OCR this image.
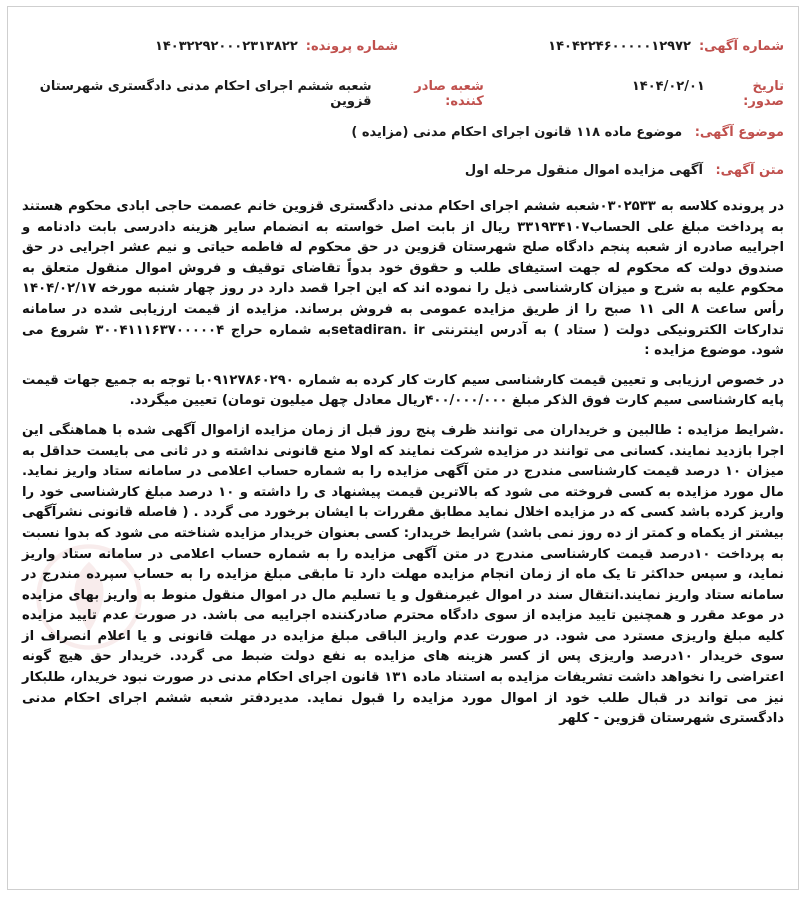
شماره آگهی:
۱۴۰۴۲۲۴۶۰۰۰۰۰۱۲۹۷۲
شماره پرونده:
۱۴۰۳۲۲۹۲۰۰۰۲۳۱۳۸۲۲
تاریخ صدور:
۱۴۰۴/۰۲/۰۱
شعبه صادر کننده:
شعبه ششم اجرای احکام مدنی دادگستری شهرستان قزوین
موضوع آگهی: موضوع ماده ۱۱۸ قانون اجرای احکام مدنی (مزایده )
متن آگهی: آگهی مزایده اموال منقول مرحله اول

در پرونده کلاسه به ۰۳۰۲۵۳۳شعبه ششم اجرای احکام مدنی دادگستری قزوین خانم عصمت حاجی ابادی محکوم هستند به پرداخت مبلغ علی الحساب۳۳۱۹۳۴۱۰۷ ریال از بابت اصل خواسته به انضمام سایر هزینه دادرسی بابت دادنامه و اجراییه صادره از شعبه پنجم دادگاه صلح شهرستان قزوین در حق محکوم له فاطمه حیاتی و نیم عشر اجرایی در حق صندوق دولت که محکوم له جهت استیفای طلب و حقوق خود بدواً تقاضای توقیف و فروش اموال منقول متعلق به محکوم علیه به شرح و میزان کارشناسی ذیل را نموده اند که این اجرا قصد دارد در روز چهار شنبه مورخه ۱۴۰۴/۰۲/۱۷ رأس ساعت ۸ الی ۱۱ صبح را از طریق مزایده عمومی به فروش برساند. مزایده از قیمت ارزیابی شده در سامانه تدارکات الکترونیکی دولت ( ستاد ) به آدرس اینترنتی setadiran. irبه شماره حراج ۳۰۰۴۱۱۱۶۳۷۰۰۰۰۰۴ شروع می شود. موضوع مزایده :

در خصوص ارزیابی و تعیین قیمت کارشناسی سیم کارت کار کرده به شماره ۰۹۱۲۷۸۶۰۲۹۰با توجه به جمیع جهات قیمت پایه کارشناسی سیم کارت فوق الذکر مبلغ ۴۰۰/۰۰۰/۰۰۰ریال معادل چهل میلیون تومان) تعیین میگردد.

.شرایط مزایده : طالبین و خریداران می توانند ظرف پنج روز قبل از زمان مزایده ازاموال آگهی شده با هماهنگی این اجرا بازدید نمایند. کسانی می توانند در مزایده شرکت نمایند که اولا منع قانونی نداشته و در ثانی می بایست حداقل به میزان ۱۰ درصد قیمت کارشناسی مندرج در متن آگهی مزایده را به شماره حساب اعلامی در سامانه ستاد واریز نماید. مال مورد مزایده به کسی فروخته می شود که بالاترین قیمت پیشنهاد ی را داشته و ۱۰ درصد مبلغ کارشناسی خود را واریز کرده باشد کسی که در مزایده اخلال نماید مطابق مقررات با ایشان برخورد می گردد . ( فاصله قانونی نشرآگهی بیشتر از یکماه و کمتر از ده روز نمی باشد) شرایط خریدار: کسی بعنوان خریدار مزایده شناخته می شود که بدوا نسبت به پرداخت ۱۰درصد قیمت کارشناسی مندرج در متن آگهی مزایده را به شماره حساب اعلامی در سامانه ستاد واریز نماید، و سپس حداکثر تا یک ماه از زمان انجام مزایده مهلت دارد تا مابقی مبلغ مزایده را به حساب سپرده مندرج در سامانه ستاد واریز نمایند.انتقال سند در اموال غیرمنقول و یا تسلیم مال در اموال منقول منوط به واریز بهای مزایده در موعد مقرر و همچنین تایید مزایده از سوی دادگاه محترم صادرکننده اجراییه می باشد. در صورت عدم تایید مزایده کلیه مبلغ واریزی مسترد می شود. در صورت عدم واریز الباقی مبلغ مزایده در مهلت قانونی و یا اعلام انصراف از سوی خریدار ۱۰درصد واریزی پس از کسر هزینه های مزایده به نفع دولت ضبط می گردد. خریدار حق هیچ گونه اعتراضی را نخواهد داشت تشریفات مزایده به استناد ماده ۱۳۱ قانون اجرای احکام مدنی در صورت نبود خریدار، طلبکار نیز می تواند در قبال طلب خود از اموال مورد مزایده را قبول نماید. مدیردفتر شعبه ششم اجرای احکام مدنی دادگستری شهرستان قزوین - کلهر
